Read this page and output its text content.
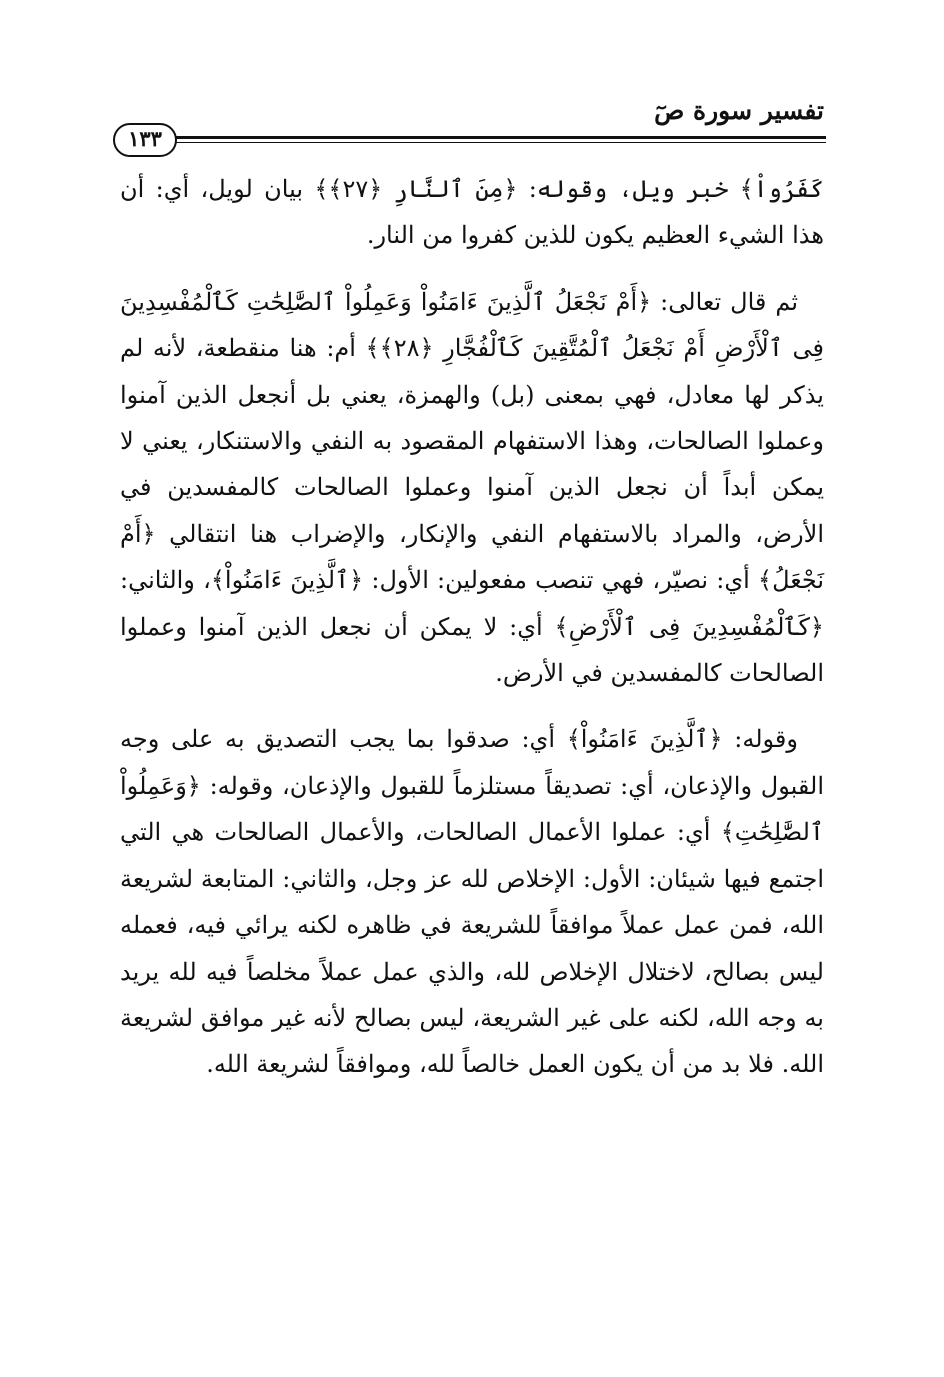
تفسير سورة صٓ
١٣٣

كَفَرُواْ﴾ خبر ويل، وقوله: ﴿مِنَ ٱلنَّارِ ﴿٢٧﴾﴾ بيان لويل، أي: أن هذا الشيء العظيم يكون للذين كفروا من النار.

ثم قال تعالى: ﴿أَمْ نَجْعَلُ ٱلَّذِينَ ءَامَنُواْ وَعَمِلُواْ ٱلصَّٰلِحَٰتِ كَٱلْمُفْسِدِينَ فِى ٱلْأَرْضِ أَمْ نَجْعَلُ ٱلْمُتَّقِينَ كَٱلْفُجَّارِ ﴿٢٨﴾﴾ أم: هنا منقطعة، لأنه لم يذكر لها معادل، فهي بمعنى (بل) والهمزة، يعني بل أنجعل الذين آمنوا وعملوا الصالحات، وهذا الاستفهام المقصود به النفي والاستنكار، يعني لا يمكن أبداً أن نجعل الذين آمنوا وعملوا الصالحات كالمفسدين في الأرض، والمراد بالاستفهام النفي والإنكار، والإضراب هنا انتقالي ﴿أَمْ نَجْعَلُ﴾ أي: نصيّر، فهي تنصب مفعولين: الأول: ﴿ٱلَّذِينَ ءَامَنُواْ﴾، والثاني: ﴿كَٱلْمُفْسِدِينَ فِى ٱلْأَرْضِ﴾ أي: لا يمكن أن نجعل الذين آمنوا وعملوا الصالحات كالمفسدين في الأرض.

وقوله: ﴿ٱلَّذِينَ ءَامَنُواْ﴾ أي: صدقوا بما يجب التصديق به على وجه القبول والإذعان، أي: تصديقاً مستلزماً للقبول والإذعان، وقوله: ﴿وَعَمِلُواْ ٱلصَّٰلِحَٰتِ﴾ أي: عملوا الأعمال الصالحات، والأعمال الصالحات هي التي اجتمع فيها شيئان: الأول: الإخلاص لله عز وجل، والثاني: المتابعة لشريعة الله، فمن عمل عملاً موافقاً للشريعة في ظاهره لكنه يرائي فيه، فعمله ليس بصالح، لاختلال الإخلاص لله، والذي عمل عملاً مخلصاً فيه لله يريد به وجه الله، لكنه على غير الشريعة، ليس بصالح لأنه غير موافق لشريعة الله. فلا بد من أن يكون العمل خالصاً لله، وموافقاً لشريعة الله.
